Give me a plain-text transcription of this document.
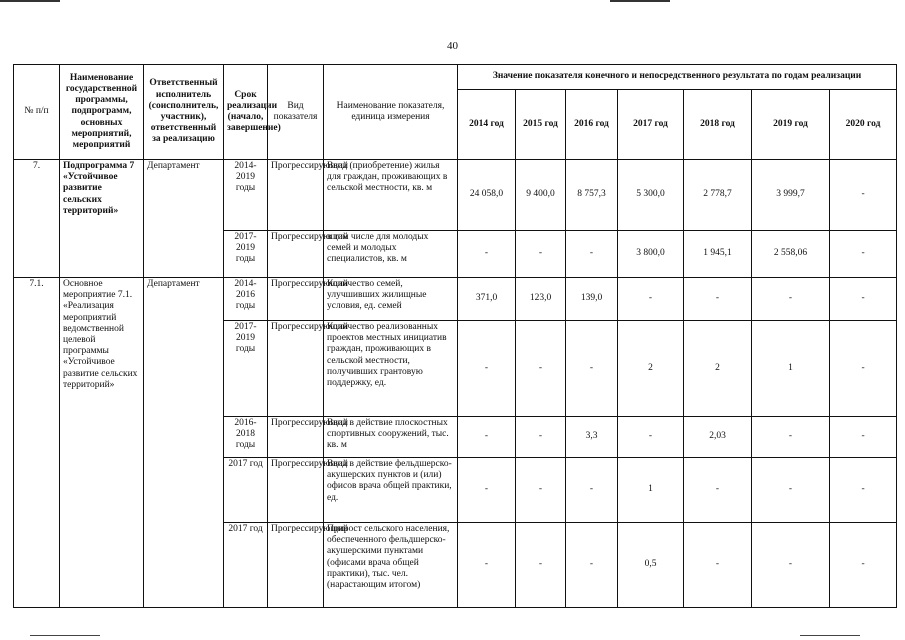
40
№ п/п	Наименование государственной программы, подпрограмм, основных мероприятий, мероприятий	Ответственный исполнитель (соисполнитель, участник), ответственный за реализацию	Срок реализации (начало, завершение)	Вид показателя	Наименование показателя, единица измерения	Значение показателя конечного и непосредственного результата по годам реализации						
						2014 год	2015 год	2016 год	2017 год	2018 год	2019 год	2020 год
7.	Подпрограмма 7 «Устойчивое развитие сельских территорий»	Департамент	2014-2019 годы	Прогрессирующий	Ввод (приобретение) жилья для граждан, проживающих в сельской местности, кв. м	24 058,0	9 400,0	8 757,3	5 300,0	2 778,7	3 999,7	-
			2017-2019 годы	Прогрессирующий	в том числе для молодых семей и молодых специалистов, кв. м	-	-	-	3 800,0	1 945,1	2 558,06	-
7.1.	Основное мероприятие 7.1. «Реализация мероприятий ведомственной целевой программы «Устойчивое развитие сельских территорий»	Департамент	2014-2016 годы	Прогрессирующий	Количество семей, улучшивших жилищные условия, ед. семей	371,0	123,0	139,0	-	-	-	-
			2017-2019 годы	Прогрессирующий	Количество реализованных проектов местных инициатив граждан, проживающих в сельской местности, получивших грантовую поддержку, ед.	-	-	-	2	2	1	-
			2016-2018 годы	Прогрессирующий	Ввод в действие плоскостных спортивных сооружений, тыс. кв. м	-	-	3,3	-	2,03	-	-
			2017 год	Прогрессирующий	Ввод в действие фельдшерско-акушерских пунктов и (или) офисов врача общей практики, ед.	-	-	-	1	-	-	-
			2017 год	Прогрессирующий	Прирост сельского населения, обеспеченного фельдшерско-акушерскими пунктами (офисами врача общей практики), тыс. чел. (нарастающим итогом)	-	-	-	0,5	-	-	-
